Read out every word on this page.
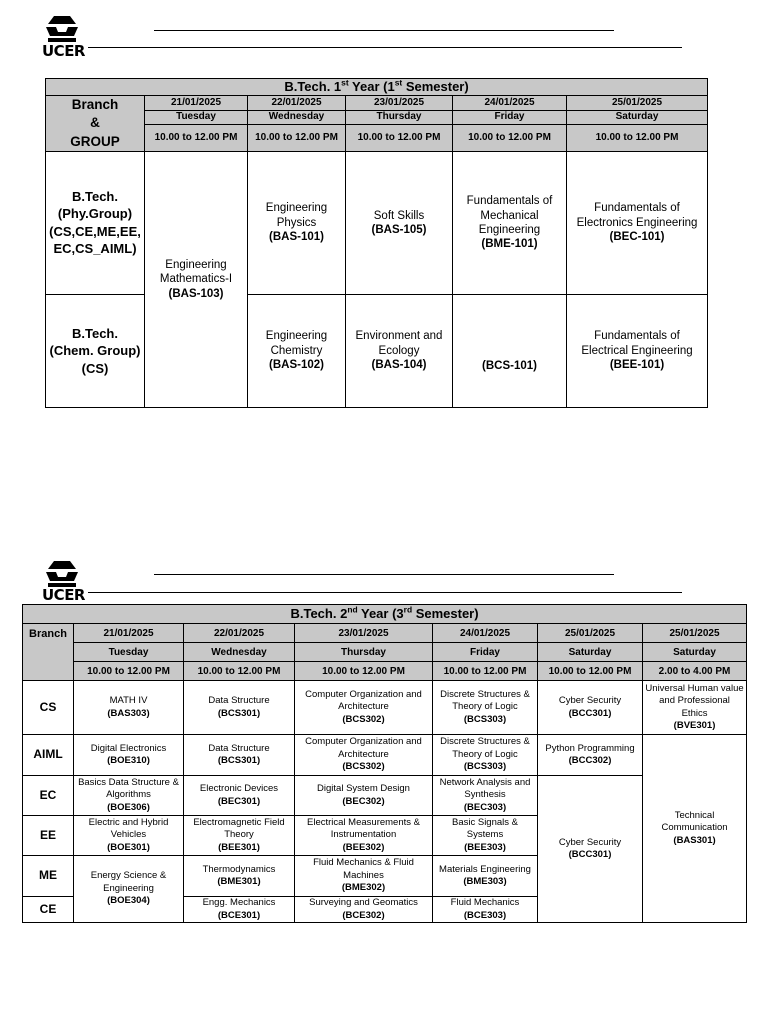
UCER
B.Tech. 1st Year (1st Semester)					

Branch
&
GROUP	21/01/2025	22/01/2025	23/01/2025	24/01/2025	25/01/2025
	Tuesday	Wednesday	Thursday	Friday	Saturday
	10.00 to 12.00 PM	10.00 to 12.00 PM	10.00 to 12.00 PM	10.00 to 12.00 PM	10.00 to 12.00 PM

B.Tech.
(Phy.Group)
(CS,CE,ME,EE,
EC,CS_AIML)	Engineering
Mathematics-I
(BAS-103)	Engineering
Physics
(BAS-101)	Soft Skills
(BAS-105)	Fundamentals of
Mechanical
Engineering
(BME-101)	Fundamentals of
Electronics Engineering
(BEC-101)

B.Tech.
(Chem. Group)
(CS)		Engineering
Chemistry
(BAS-102)	Environment and
Ecology
(BAS-104)	(BCS-101)	Fundamentals of
Electrical Engineering
(BEE-101)
UCER
B.Tech. 2nd Year (3rd Semester)						
Branch	21/01/2025	22/01/2025	23/01/2025	24/01/2025	25/01/2025	25/01/2025
	Tuesday	Wednesday	Thursday	Friday	Saturday	Saturday
	10.00 to 12.00 PM	10.00 to 12.00 PM	10.00 to 12.00 PM	10.00 to 12.00 PM	10.00 to 12.00 PM	2.00 to 4.00 PM
CS	MATH IV
(BAS303)	Data Structure
(BCS301)	Computer Organization and Architecture
(BCS302)	Discrete Structures & Theory of Logic
(BCS303)	Cyber Security
(BCC301)	Universal Human value and Professional Ethics
(BVE301)

AIML	Digital Electronics
(BOE310)	Data Structure
(BCS301)	Computer Organization and Architecture
(BCS302)	Discrete Structures & Theory of Logic
(BCS303)	Python Programming
(BCC302)	Technical Communication
(BAS301)

EC	Basics Data Structure & Algorithms
(BOE306)	Electronic Devices
(BEC301)	Digital System Design
(BEC302)	Network Analysis and Synthesis
(BEC303)	Cyber Security
(BCC301)	

EE	Electric and Hybrid Vehicles
(BOE301)	Electromagnetic Field Theory
(BEE301)	Electrical Measurements & Instrumentation
(BEE302)	Basic Signals & Systems
(BEE303)		

ME	Energy Science & Engineering
(BOE304)	Thermodynamics
(BME301)	Fluid Mechanics & Fluid Machines
(BME302)	Materials Engineering
(BME303)		

CE		Engg. Mechanics
(BCE301)	Surveying and Geomatics
(BCE302)	Fluid Mechanics
(BCE303)		
